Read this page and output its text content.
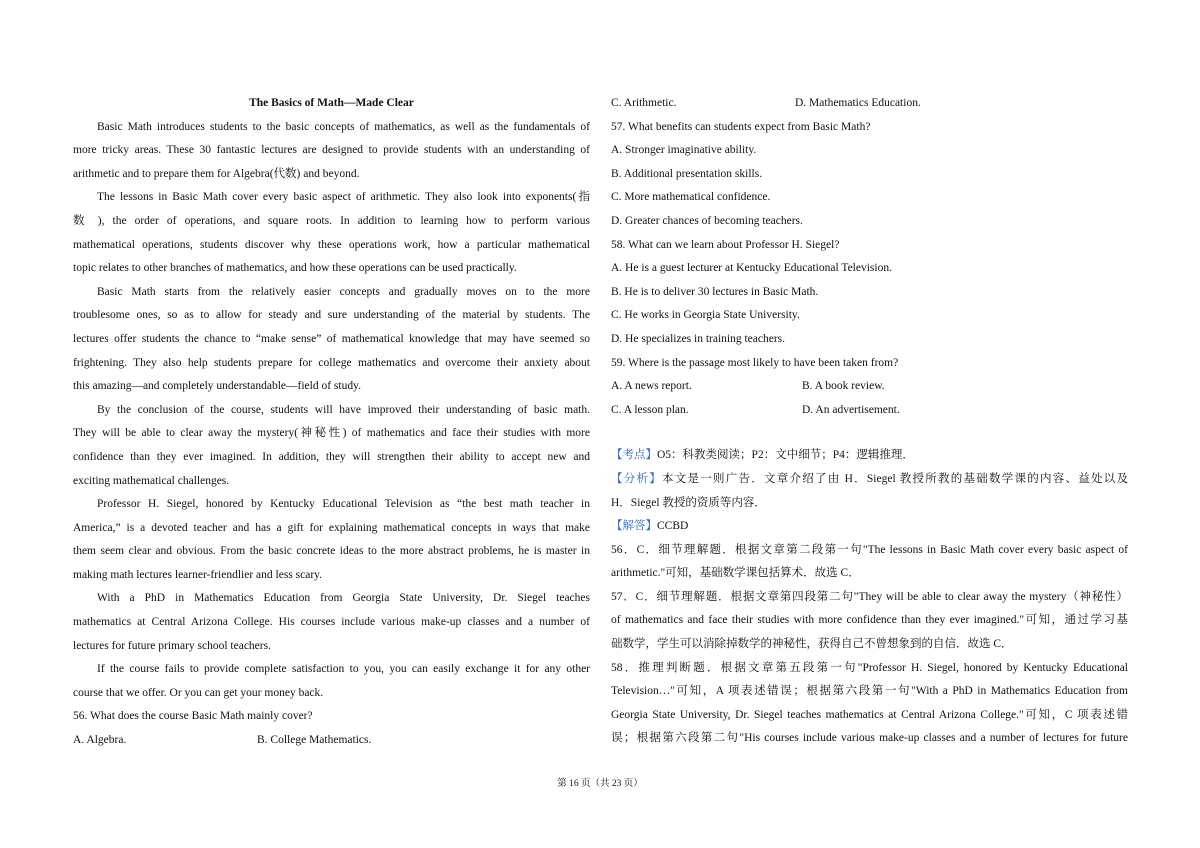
The Basics of Math—Made Clear
Basic Math introduces students to the basic concepts of mathematics, as well as the fundamentals of
more tricky areas. These 30 fantastic lectures are designed to provide students with an understanding of
arithmetic and to prepare them for Algebra(代数) and beyond.
The lessons in Basic Math cover every basic aspect of arithmetic. They also look into exponents(指
数 ), the order of operations, and square roots. In addition to learning how to perform various
mathematical operations, students discover why these operations work, how a particular mathematical
topic relates to other branches of mathematics, and how these operations can be used practically.
Basic Math starts from the relatively easier concepts and gradually moves on to the more
troublesome ones, so as to allow for steady and sure understanding of the material by students. The
lectures offer students the chance to “make sense” of mathematical knowledge that may have seemed so
frightening. They also help students prepare for college mathematics and overcome their anxiety about
this amazing—and completely understandable—field of study.
By the conclusion of the course, students will have improved their understanding of basic math.
They will be able to clear away the mystery(神秘性) of mathematics and face their studies with more
confidence than they ever imagined. In addition, they will strengthen their ability to accept new and
exciting mathematical challenges.
Professor H. Siegel, honored by Kentucky Educational Television as “the best math teacher in
America,” is a devoted teacher and has a gift for explaining mathematical concepts in ways that make
them seem clear and obvious. From the basic concrete ideas to the more abstract problems, he is master in
making math lectures learner-friendlier and less scary.
With a PhD in Mathematics Education from Georgia State University, Dr. Siegel teaches
mathematics at Central Arizona College. His courses include various make-up classes and a number of
lectures for future primary school teachers.
If the course fails to provide complete satisfaction to you, you can easily exchange it for any other
course that we offer. Or you can get your money back.
56. What does the course Basic Math mainly cover?
A. Algebra.	B. College Mathematics.
C. Arithmetic.	D. Mathematics Education.
57. What benefits can students expect from Basic Math?
A. Stronger imaginative ability.
B. Additional presentation skills.
C. More mathematical confidence.
D. Greater chances of becoming teachers.
58. What can we learn about Professor H. Siegel?
A. He is a guest lecturer at Kentucky Educational Television.
B. He is to deliver 30 lectures in Basic Math.
C. He works in Georgia State University.
D. He specializes in training teachers.
59. Where is the passage most likely to have been taken from?
A. A news report.	B. A book review.
C. A lesson plan.	D. An advertisement.
【考点】O5：科教类阅读；P2：文中细节；P4：逻辑推理．
【分析】本文是一则广告．文章介绍了由 H．Siegel 教授所教的基础数学课的内容、益处以及
H．Siegel 教授的资质等内容．
【解答】CCBD
56．C．细节理解题．根据文章第二段第一句"The lessons in Basic Math cover every basic aspect of
arithmetic."可知，基础数学课包括算术．故选 C．
57．C．细节理解题．根据文章第四段第二句"They will be able to clear away the mystery（神秘性）
of mathematics and face their studies with more confidence than they ever imagined."可知，通过学习基
础数学，学生可以消除掉数学的神秘性，获得自己不曾想象到的自信．故选 C．
58．推理判断题．根据文章第五段第一句"Professor H. Siegel, honored by Kentucky Educational
Television…"可知，A 项表述错误；根据第六段第一句"With a PhD in Mathematics Education from
Georgia State University, Dr. Siegel teaches mathematics at Central Arizona College."可知，C 项表述错
误；根据第六段第二句"His courses include various make-up classes and a number of lectures for future
第 16 页（共 23 页）
